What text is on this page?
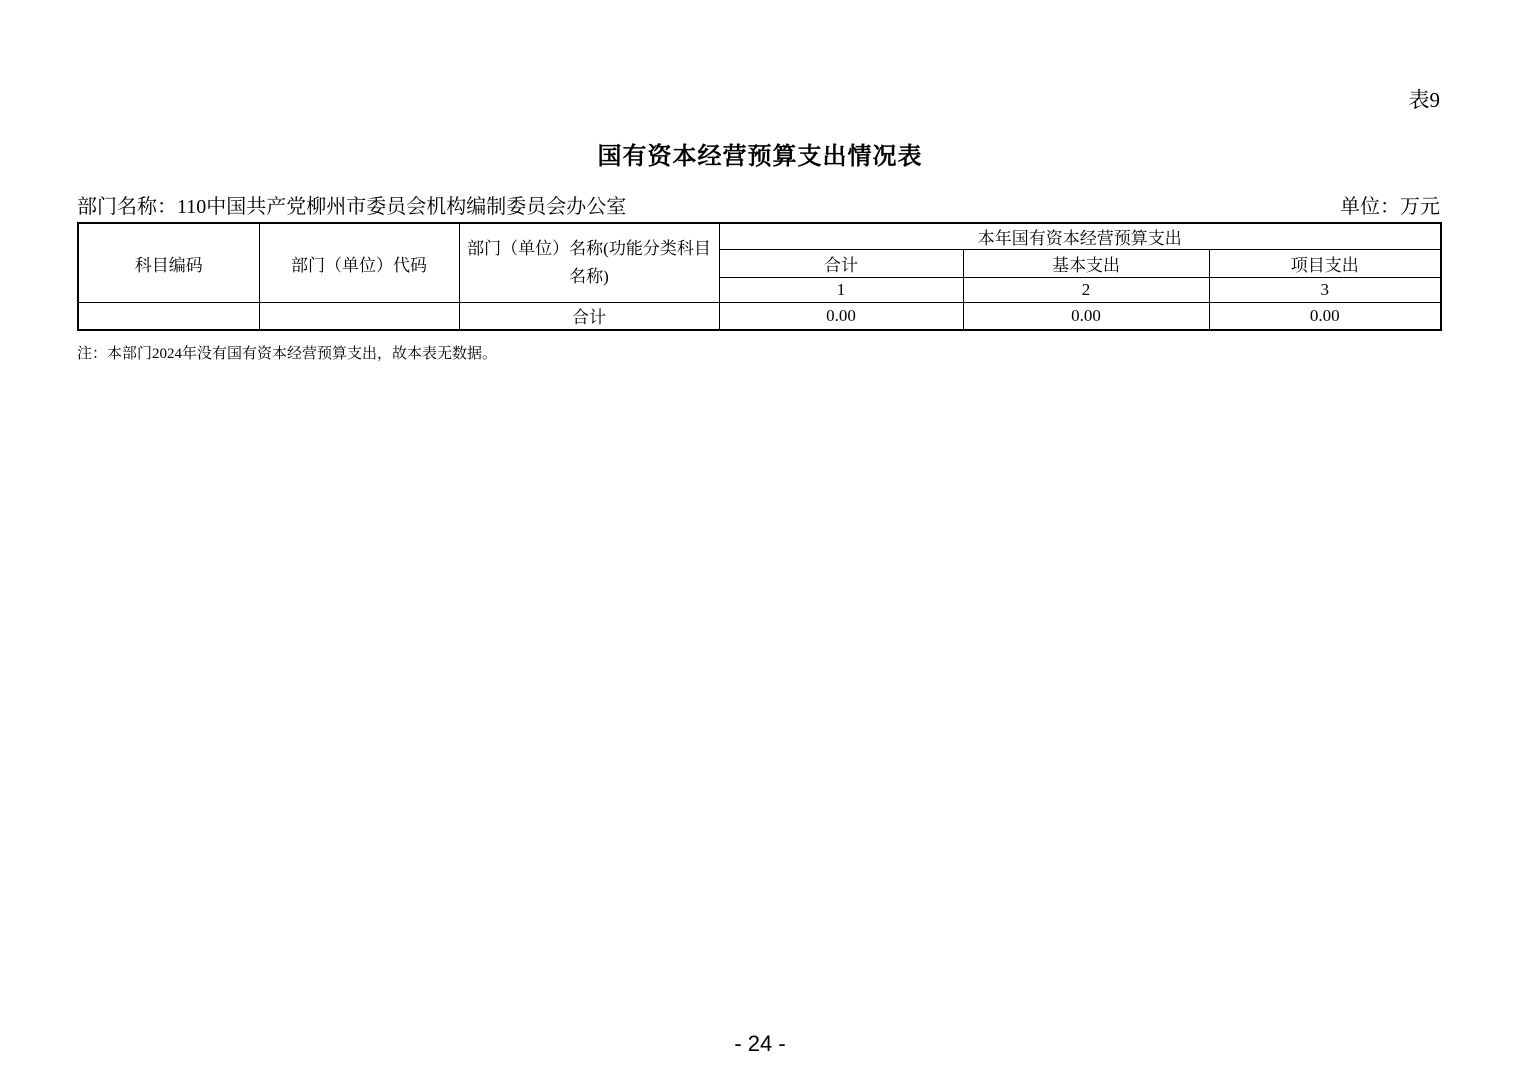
表9
国有资本经营预算支出情况表
部门名称：110中国共产党柳州市委员会机构编制委员会办公室	单位：万元
科目编码	部门（单位）代码	部门（单位）名称(功能分类科目名称)	本年国有资本经营预算支出		
			合计	基本支出	项目支出
			1	2	3
		合计	0.00	0.00	0.00
注：本部门2024年没有国有资本经营预算支出，故本表无数据。
- 24 -
